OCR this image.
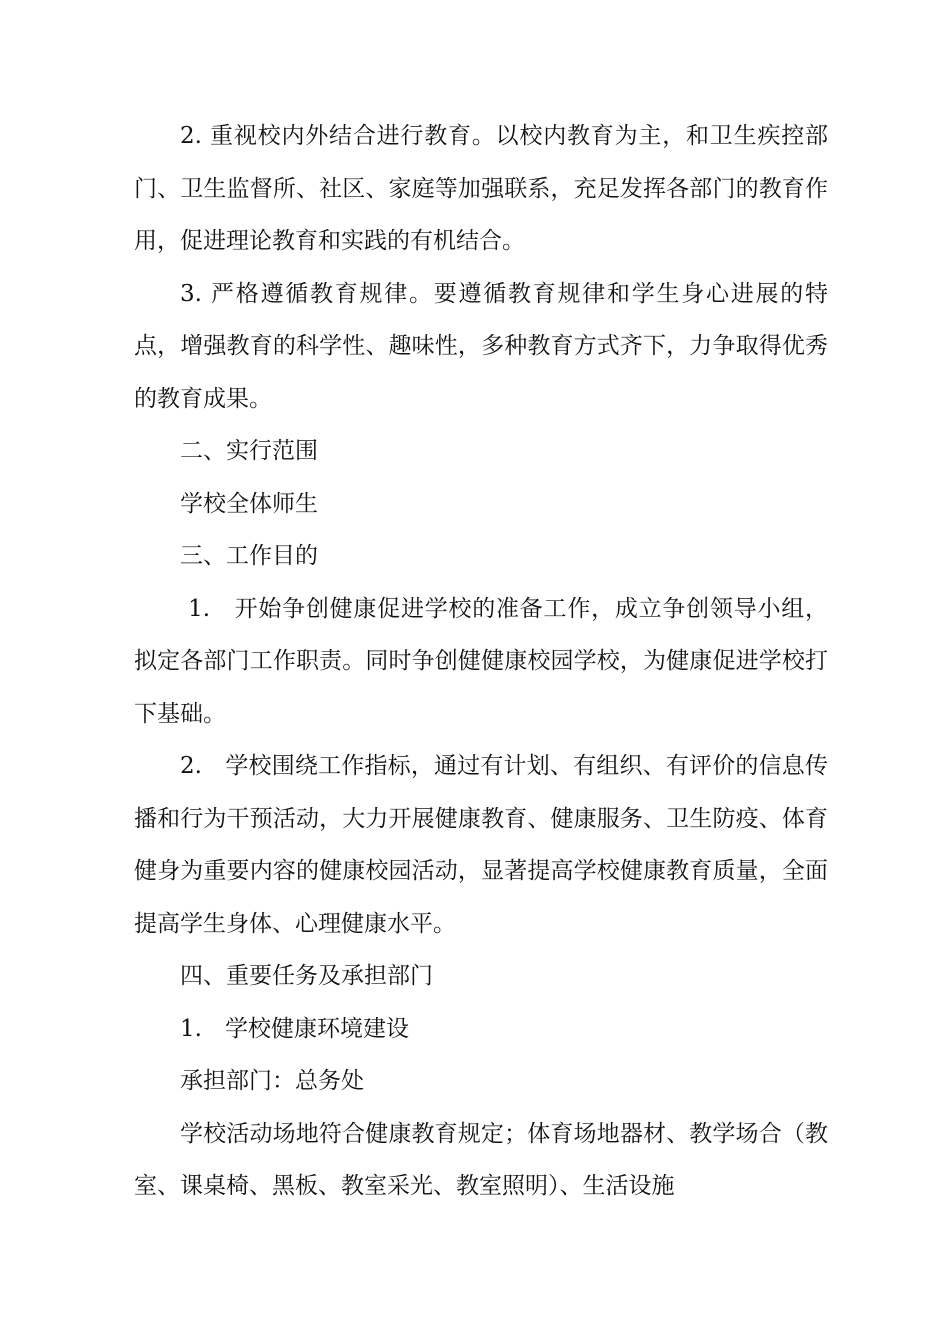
2. 重视校内外结合进行教育。以校内教育为主，和卫生疾控部门、卫生监督所、社区、家庭等加强联系，充足发挥各部门的教育作用，促进理论教育和实践的有机结合。

3. 严格遵循教育规律。要遵循教育规律和学生身心进展的特点，增强教育的科学性、趣味性，多种教育方式齐下，力争取得优秀的教育成果。

二、实行范围

学校全体师生

三、工作目的

1.　开始争创健康促进学校的准备工作，成立争创领导小组，拟定各部门工作职责。同时争创健健康校园学校，为健康促进学校打下基础。

2.　学校围绕工作指标，通过有计划、有组织、有评价的信息传播和行为干预活动，大力开展健康教育、健康服务、卫生防疫、体育健身为重要内容的健康校园活动，显著提高学校健康教育质量，全面提高学生身体、心理健康水平。

四、重要任务及承担部门

1.　学校健康环境建设

承担部门：总务处

学校活动场地符合健康教育规定；体育场地器材、教学场合（教室、课桌椅、黑板、教室采光、教室照明）、生活设施
